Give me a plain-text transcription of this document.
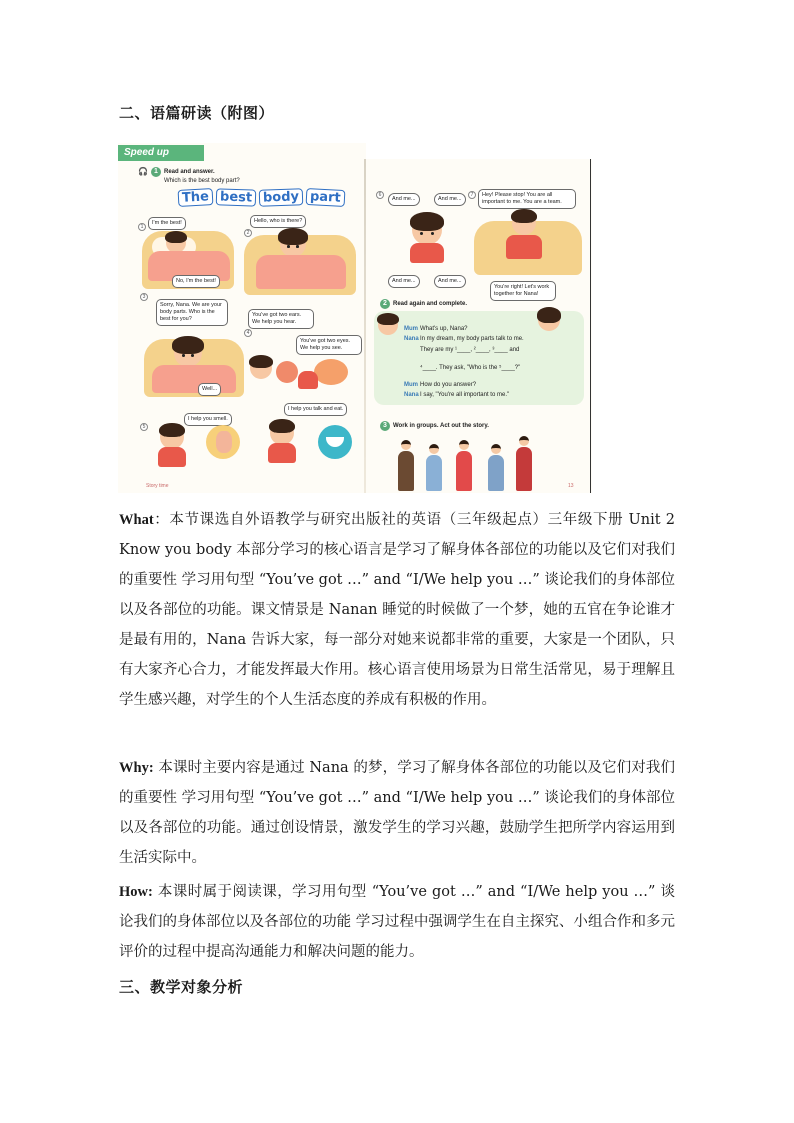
二、语篇研读（附图）
Speed up
🎧 1	Read and answer.
Which is the best body part?
The best body part
1
I'm the best!
No, I'm the best!
2
Hello, who is there?
3
Sorry, Nana. We are your body parts. Who is the best for you?
Well...
4
You've got two ears. We help you hear.
You've got two eyes. We help you see.
5
I help you smell.
I help you talk and eat.
Story time
6
And me...	And me...
And me...	And me...
7	Hey! Please stop! You are all important to me. You are a team.
You're right! Let's work together for Nana!
2	Read again and complete.
Mum What's up, Nana?
Nana In my dream, my body parts talk to me.
They are my ¹____, ²____, ³____ and
⁴____. They ask, "Who is the ⁵____?"
Mum How do you answer?
Nana I say, "You're all important to me."
3	Work in groups. Act out the story.
13
What：本节课选自外语教学与研究出版社的英语（三年级起点）三年级下册 Unit 2 Know you body 本部分学习的核心语言是学习了解身体各部位的功能以及它们对我们的重要性 学习用句型 “You’ve got …” and “I/We help you …” 谈论我们的身体部位以及各部位的功能。课文情景是 Nanan 睡觉的时候做了一个梦，她的五官在争论谁才是最有用的，Nana 告诉大家，每一部分对她来说都非常的重要，大家是一个团队，只有大家齐心合力，才能发挥最大作用。核心语言使用场景为日常生活常见，易于理解且学生感兴趣，对学生的个人生活态度的养成有积极的作用。
Why: 本课时主要内容是通过 Nana 的梦，学习了解身体各部位的功能以及它们对我们的重要性 学习用句型 “You’ve got …” and “I/We help you …” 谈论我们的身体部位以及各部位的功能。通过创设情景，激发学生的学习兴趣，鼓励学生把所学内容运用到生活实际中。
How: 本课时属于阅读课，学习用句型 “You’ve got …” and “I/We help you …” 谈论我们的身体部位以及各部位的功能 学习过程中强调学生在自主探究、小组合作和多元评价的过程中提高沟通能力和解决问题的能力。
三、教学对象分析
